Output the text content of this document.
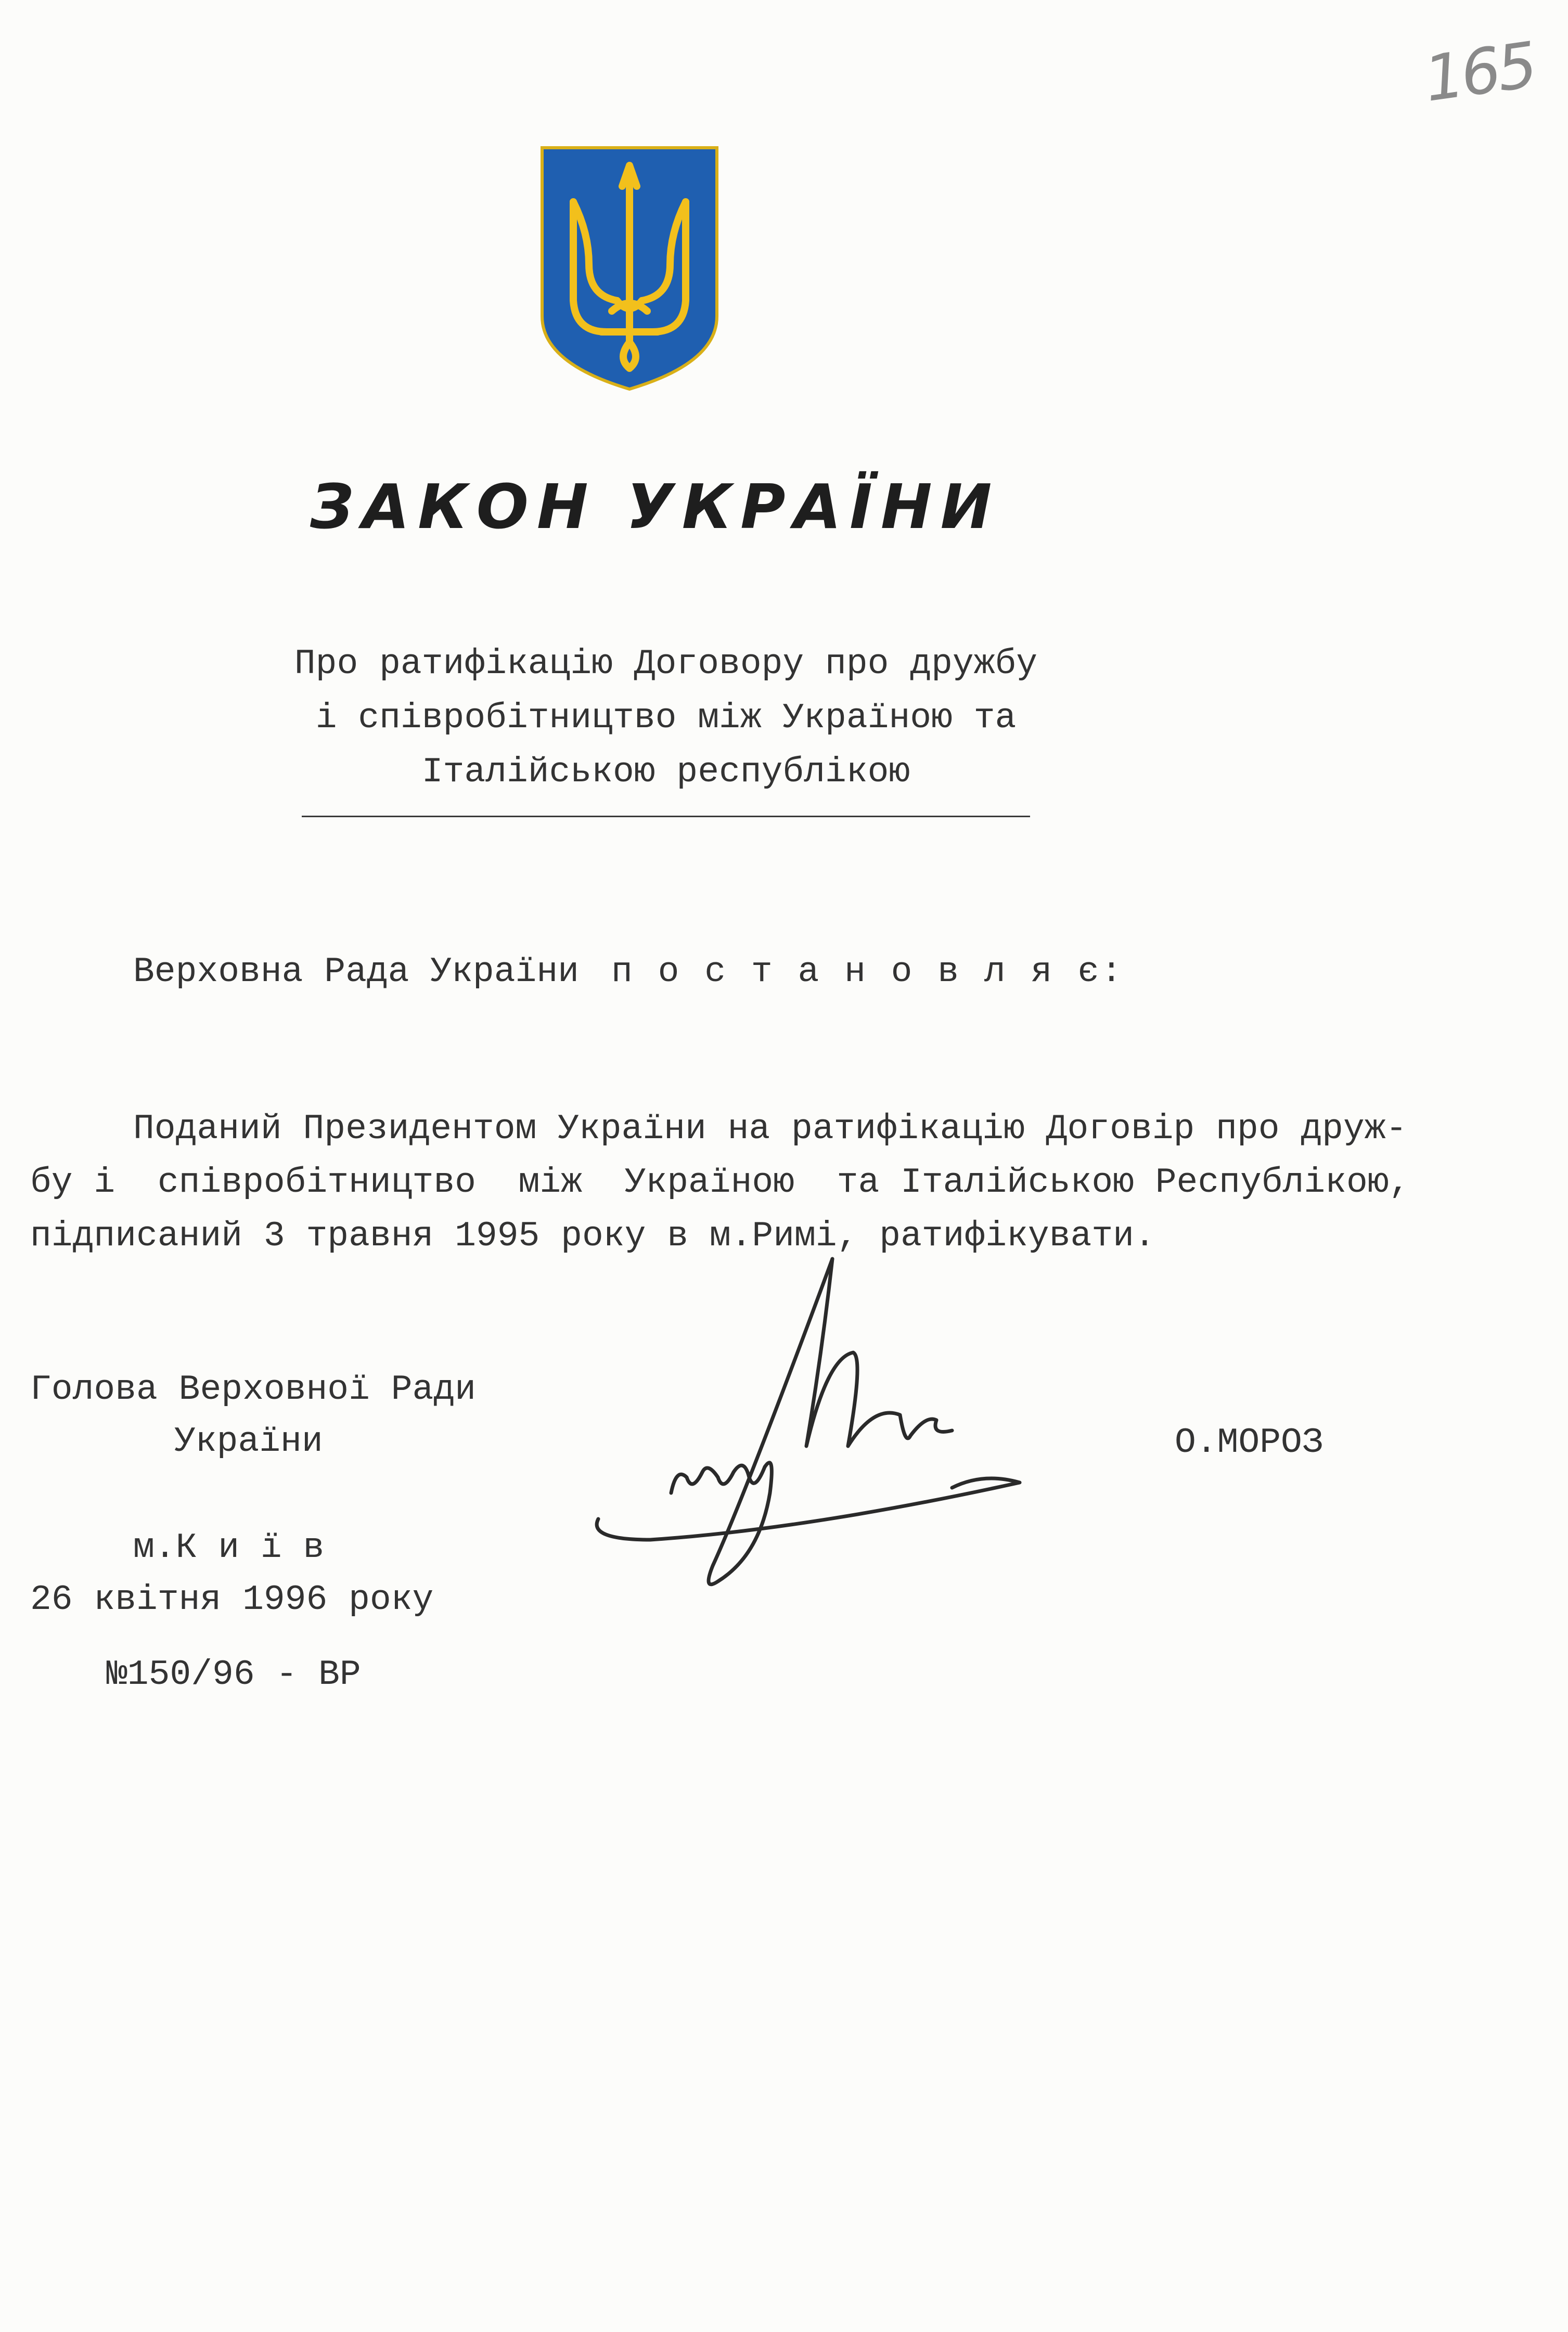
165
ЗАКОН УКРАЇНИ
Про ратифікацію Договору про дружбу
і співробітництво між Україною та
Італійською республікою
Верховна Рада України п о с т а н о в л я є:
Поданий Президентом України на ратифікацію Договір про друж-
бу і  співробітництво  між  Україною  та Італійською Республікою,
підписаний 3 травня 1995 року в м.Римі, ратифікувати.
Голова Верховної Ради
України	О.МОРОЗ
м.К и ї в
26 квітня 1996 року
№150/96 - ВР
